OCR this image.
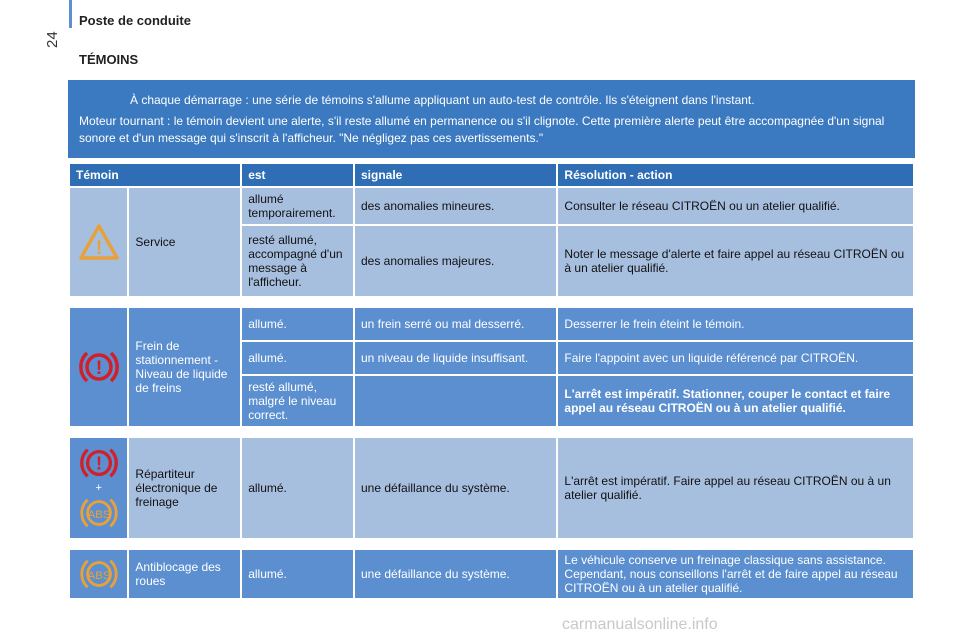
Poste de conduite
24
TÉMOINS

À chaque démarrage : une série de témoins s'allume appliquant un auto-test de contrôle. Ils s'éteignent dans l'instant.

Moteur tournant : le témoin devient une alerte, s'il reste allumé en permanence ou s'il clignote. Cette première alerte peut être accompagnée d'un signal sonore et d'un message qui s'inscrit à l'afficheur. "Ne négligez pas ces avertissements."

Témoin		est	signale	Résolution - action

!	Service	allumé temporairement.	des anomalies mineures.	Consulter le réseau CITROËN ou un atelier qualifié.
		resté allumé, accompagné d'un message à l'afficheur.	des anomalies majeures.	Noter le message d'alerte et faire appel au réseau CITROËN ou à un atelier qualifié.

!	Frein de stationnement - Niveau de liquide de freins	allumé.	un frein serré ou mal desserré.	Desserrer le frein éteint le témoin.
		allumé.	un niveau de liquide insuffisant.	Faire l'appoint avec un liquide référencé par CITROËN.
		resté allumé, malgré le niveau correct.		L'arrêt est impératif. Stationner, couper le contact et faire appel au réseau CITROËN ou à un atelier qualifié.

!
+
ABS	Répartiteur électronique de freinage	allumé.	une défaillance du système.	L'arrêt est impératif. Faire appel au réseau CITROËN ou à un atelier qualifié.

ABS	Antiblocage des roues	allumé.	une défaillance du système.	Le véhicule conserve un freinage classique sans assistance. Cependant, nous conseillons l'arrêt et de faire appel au réseau CITROËN ou à un atelier qualifié.
carmanualsonline.info
